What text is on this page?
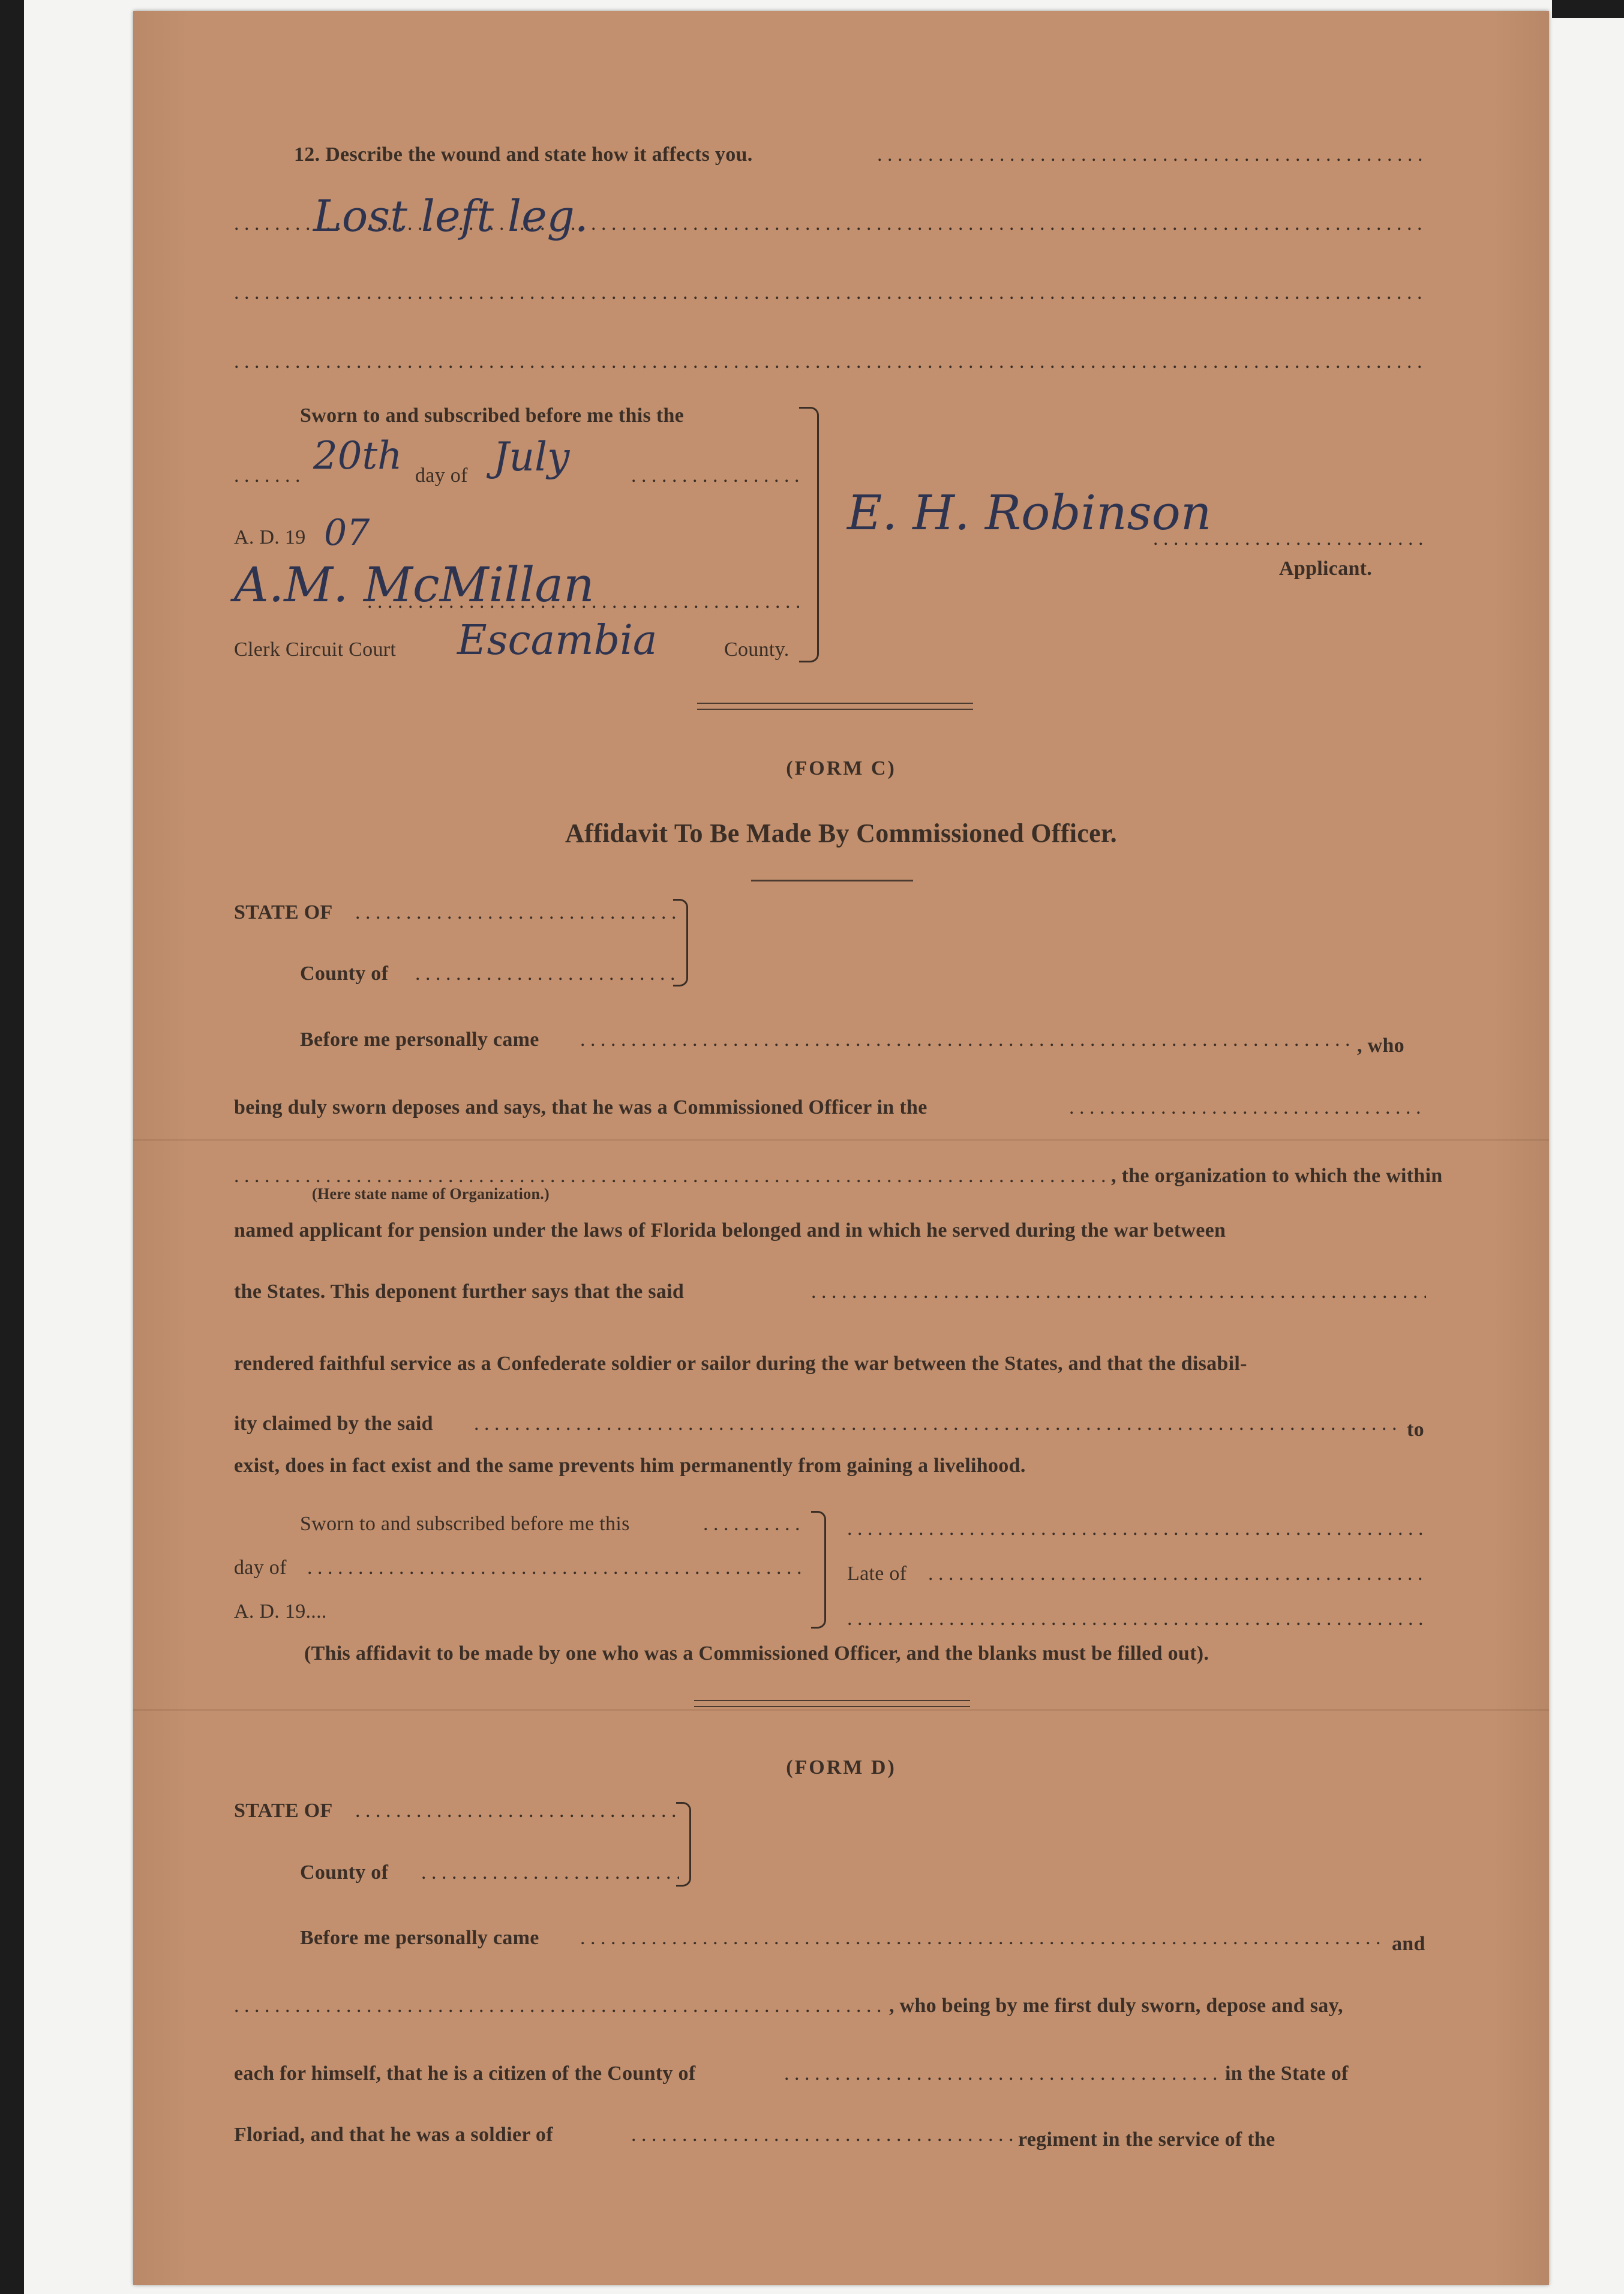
12. Describe the wound and state how it affects you.
. . .
. . .
Lost left leg.
. . .
. . .
Sworn to and subscribed before me this the
. . .
20th day of July
. . .
A. D. 19 07
. . .
A.M. McMillan
Clerk Circuit Court Escambia	County.
E. H. Robinson
. . .
Applicant.
(FORM C)
Affidavit To Be Made By Commissioned Officer.
STATE OF
. . .
County of
. . .
Before me personally came . . .	, who
being duly sworn deposes and says, that he was a Commissioned Officer in the
. . .
. . .
, the organization to which the within
(Here state name of Organization.)
named applicant for pension under the laws of Florida belonged and in which he served during the war between
the States. This deponent further says that the said
. . .
rendered faithful service as a Confederate soldier or sailor during the war between the States, and that the disabil-
ity claimed by the said . . .	to
exist, does in fact exist and the same prevents him permanently from gaining a livelihood.
Sworn to and subscribed before me this
. . .
day of
. . .
A. D. 19....
. . .
Late of
. . .
. . .
(This affidavit to be made by one who was a Commissioned Officer, and the blanks must be filled out).
(FORM D)
STATE OF
. . .
County of
. . .
Before me personally came . . .	and
. . .
, who being by me first duly sworn, depose and say,
each for himself, that he is a citizen of the County of . . .	in the State of
Floriad, and that he was a soldier of . . .	regiment in the service of the
